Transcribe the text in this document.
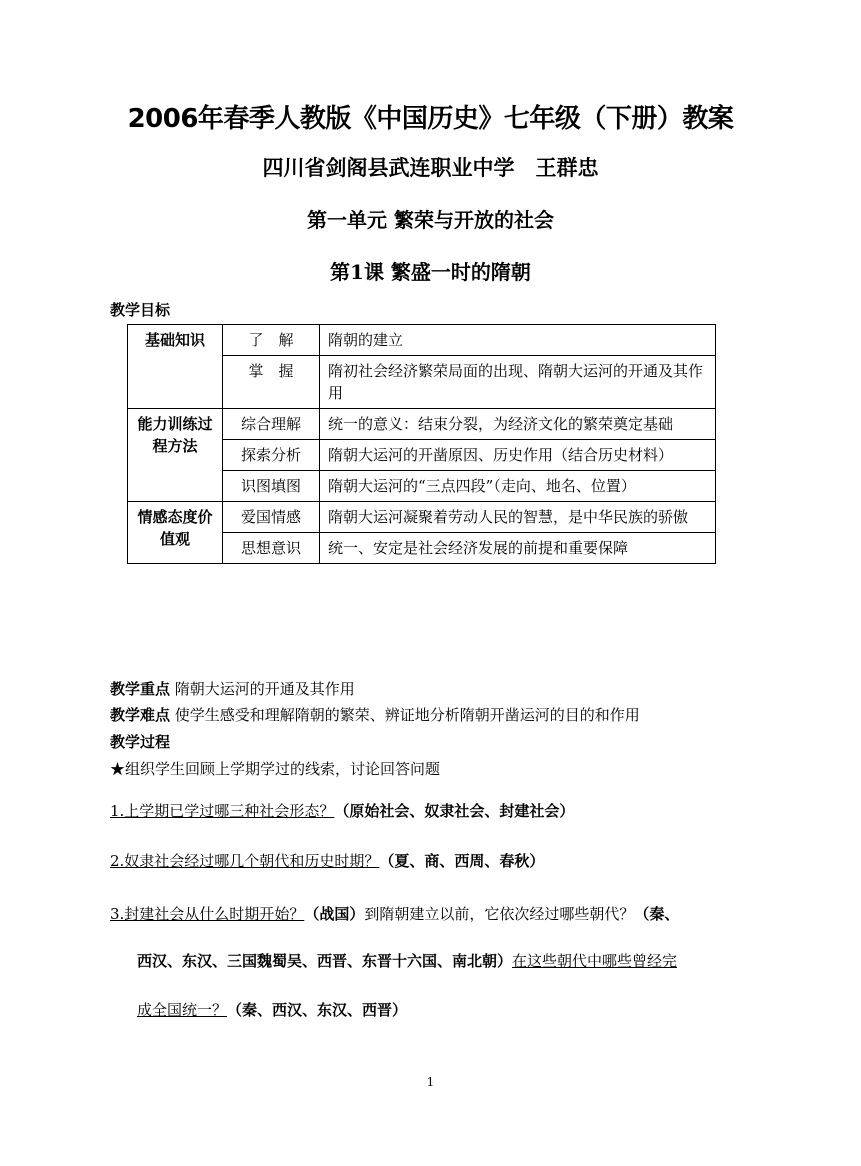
2006年春季人教版《中国历史》七年级（下册）教案
四川省剑阁县武连职业中学　王群忠
第一单元 繁荣与开放的社会
第1课 繁盛一时的隋朝
教学目标
基础知识	了　解	隋朝的建立
	掌　握	隋初社会经济繁荣局面的出现、隋朝大运河的开通及其作用
能力训练过程方法	综合理解	统一的意义：结束分裂，为经济文化的繁荣奠定基础
	探索分析	隋朝大运河的开凿原因、历史作用（结合历史材料）
	识图填图	隋朝大运河的“三点四段”（走向、地名、位置）
情感态度价值观	爱国情感	隋朝大运河凝聚着劳动人民的智慧，是中华民族的骄傲
	思想意识	统一、安定是社会经济发展的前提和重要保障
教学重点 隋朝大运河的开通及其作用
教学难点 使学生感受和理解隋朝的繁荣、辨证地分析隋朝开凿运河的目的和作用
教学过程
★组织学生回顾上学期学过的线索，讨论回答问题
1.上学期已学过哪三种社会形态？（原始社会、奴隶社会、封建社会）
2.奴隶社会经过哪几个朝代和历史时期？（夏、商、西周、春秋）
3.封建社会从什么时期开始？（战国）到隋朝建立以前，它依次经过哪些朝代？（秦、
西汉、东汉、三国魏蜀吴、西晋、东晋十六国、南北朝）在这些朝代中哪些曾经完
成全国统一？（秦、西汉、东汉、西晋）
1
